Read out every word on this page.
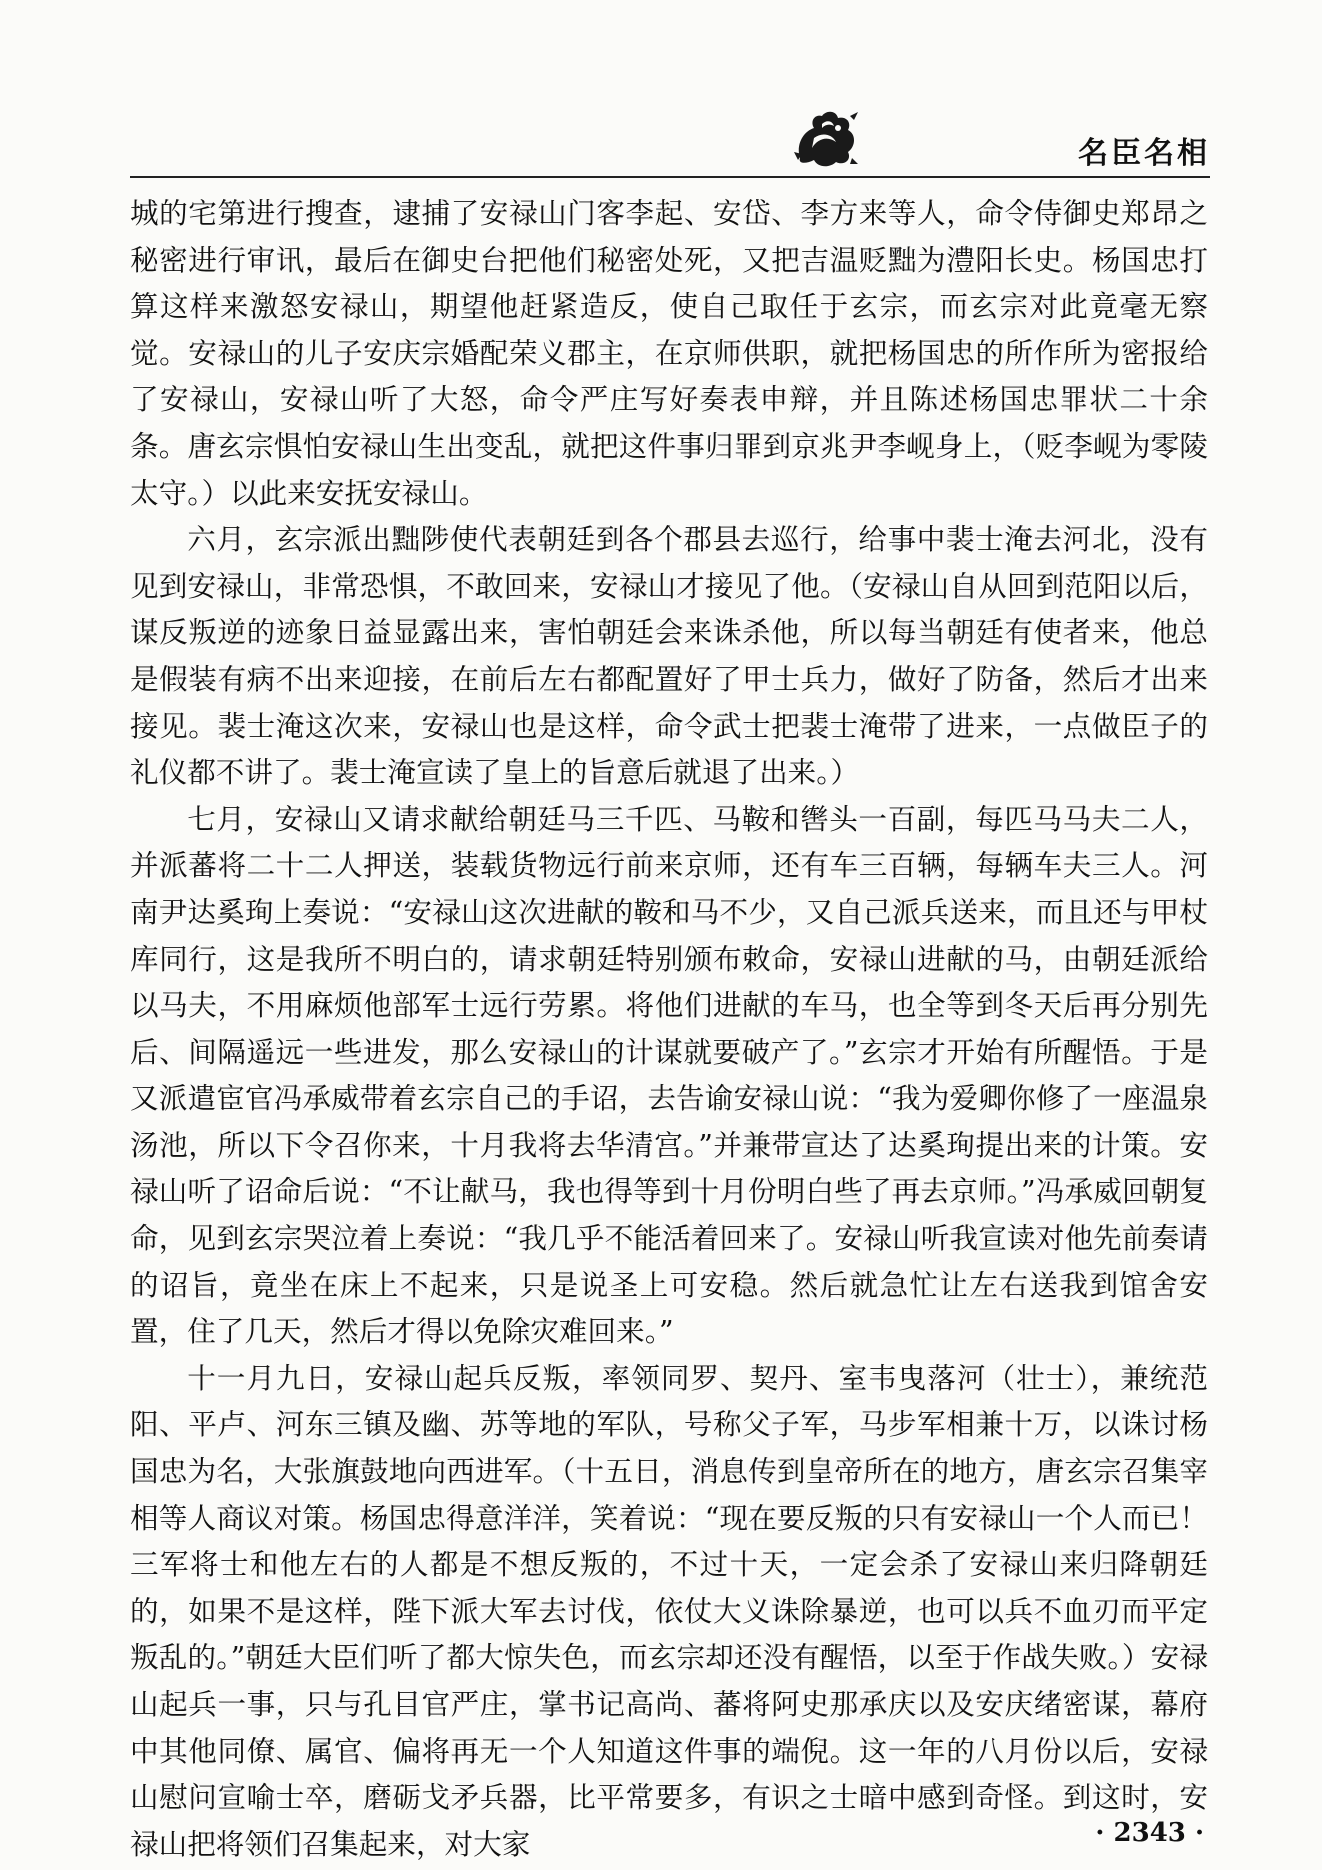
名臣名相

城的宅第进行搜查，逮捕了安禄山门客李起、安岱、李方来等人，命令侍御史郑昂之秘密进行审讯，最后在御史台把他们秘密处死，又把吉温贬黜为澧阳长史。杨国忠打算这样来激怒安禄山，期望他赶紧造反，使自己取任于玄宗，而玄宗对此竟毫无察觉。安禄山的儿子安庆宗婚配荣义郡主，在京师供职，就把杨国忠的所作所为密报给了安禄山，安禄山听了大怒，命令严庄写好奏表申辩，并且陈述杨国忠罪状二十余条。唐玄宗惧怕安禄山生出变乱，就把这件事归罪到京兆尹李岘身上，（贬李岘为零陵太守。）以此来安抚安禄山。

六月，玄宗派出黜陟使代表朝廷到各个郡县去巡行，给事中裴士淹去河北，没有见到安禄山，非常恐惧，不敢回来，安禄山才接见了他。（安禄山自从回到范阳以后，谋反叛逆的迹象日益显露出来，害怕朝廷会来诛杀他，所以每当朝廷有使者来，他总是假装有病不出来迎接，在前后左右都配置好了甲士兵力，做好了防备，然后才出来接见。裴士淹这次来，安禄山也是这样，命令武士把裴士淹带了进来，一点做臣子的礼仪都不讲了。裴士淹宣读了皇上的旨意后就退了出来。）

七月，安禄山又请求献给朝廷马三千匹、马鞍和辔头一百副，每匹马马夫二人，并派蕃将二十二人押送，装载货物远行前来京师，还有车三百辆，每辆车夫三人。河南尹达奚珣上奏说：“安禄山这次进献的鞍和马不少，又自己派兵送来，而且还与甲杖库同行，这是我所不明白的，请求朝廷特别颁布敕命，安禄山进献的马，由朝廷派给以马夫，不用麻烦他部军士远行劳累。将他们进献的车马，也全等到冬天后再分别先后、间隔遥远一些进发，那么安禄山的计谋就要破产了。”玄宗才开始有所醒悟。于是又派遣宦官冯承威带着玄宗自己的手诏，去告谕安禄山说：“我为爱卿你修了一座温泉汤池，所以下令召你来，十月我将去华清宫。”并兼带宣达了达奚珣提出来的计策。安禄山听了诏命后说：“不让献马，我也得等到十月份明白些了再去京师。”冯承威回朝复命，见到玄宗哭泣着上奏说：“我几乎不能活着回来了。安禄山听我宣读对他先前奏请的诏旨，竟坐在床上不起来，只是说圣上可安稳。然后就急忙让左右送我到馆舍安置，住了几天，然后才得以免除灾难回来。”

十一月九日，安禄山起兵反叛，率领同罗、契丹、室韦曳落河（壮士），兼统范阳、平卢、河东三镇及幽、苏等地的军队，号称父子军，马步军相兼十万，以诛讨杨国忠为名，大张旗鼓地向西进军。（十五日，消息传到皇帝所在的地方，唐玄宗召集宰相等人商议对策。杨国忠得意洋洋，笑着说：“现在要反叛的只有安禄山一个人而已！三军将士和他左右的人都是不想反叛的，不过十天，一定会杀了安禄山来归降朝廷的，如果不是这样，陛下派大军去讨伐，依仗大义诛除暴逆，也可以兵不血刃而平定叛乱的。”朝廷大臣们听了都大惊失色，而玄宗却还没有醒悟，以至于作战失败。）安禄山起兵一事，只与孔目官严庄，掌书记高尚、蕃将阿史那承庆以及安庆绪密谋，幕府中其他同僚、属官、偏将再无一个人知道这件事的端倪。这一年的八月份以后，安禄山慰问宣喻士卒，磨砺戈矛兵器，比平常要多，有识之士暗中感到奇怪。到这时，安禄山把将领们召集起来，对大家	· 2343 ·
